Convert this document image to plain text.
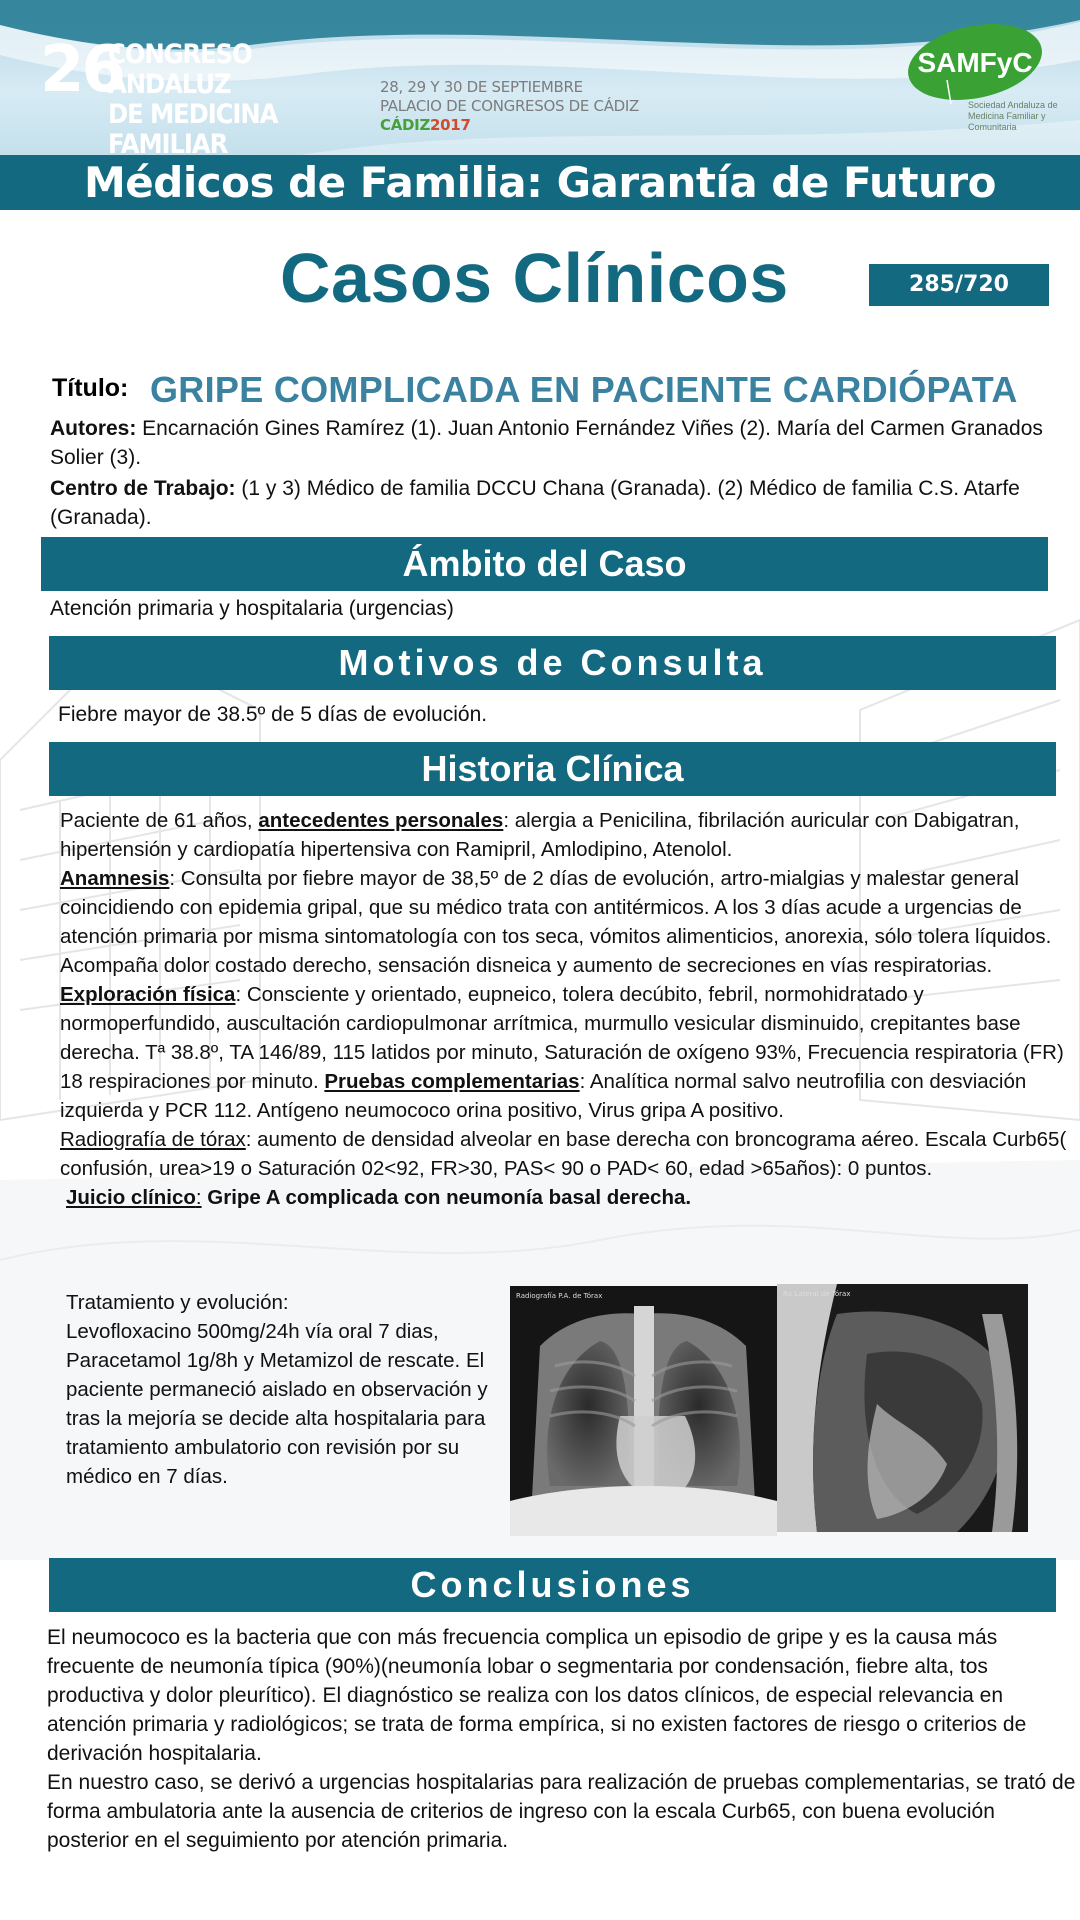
26
CONGRESO ANDALUZ
DE MEDICINA FAMILIAR
28, 29 Y 30 DE SEPTIEMBRE
PALACIO DE CONGRESOS DE CÁDIZ
CÁDIZ2017
SAMFyC
Sociedad Andaluza de Medicina Familiar y Comunitaria
Médicos de Familia: Garantía de Futuro
Casos Clínicos	285/720
Título: GRIPE COMPLICADA EN PACIENTE CARDIÓPATA
Autores: Encarnación Gines Ramírez (1). Juan Antonio Fernández Viñes (2). María del Carmen Granados Solier (3).
Centro de Trabajo: (1 y 3) Médico de familia DCCU Chana (Granada). (2) Médico de familia C.S. Atarfe (Granada).
Ámbito del Caso
Atención primaria y hospitalaria (urgencias)
Motivos de Consulta
Fiebre mayor de 38.5º de 5 días de evolución.
Historia Clínica
Paciente de 61 años, antecedentes personales: alergia a Penicilina, fibrilación auricular con Dabigatran, hipertensión y cardiopatía hipertensiva con Ramipril, Amlodipino, Atenolol.
Anamnesis: Consulta por fiebre mayor de 38,5º de 2 días de evolución, artro-mialgias y malestar general coincidiendo con epidemia gripal, que su médico trata con antitérmicos. A los 3 días acude a urgencias de atención primaria por misma sintomatología con tos seca, vómitos alimenticios, anorexia, sólo tolera líquidos. Acompaña dolor costado derecho, sensación disneica y aumento de secreciones en vías respiratorias. Exploración física: Consciente y orientado, eupneico, tolera decúbito, febril, normohidratado y normoperfundido, auscultación cardiopulmonar arrítmica, murmullo vesicular disminuido, crepitantes base derecha. Tª 38.8º, TA 146/89, 115 latidos por minuto, Saturación de oxígeno 93%, Frecuencia respiratoria (FR) 18 respiraciones por minuto. Pruebas complementarias: Analítica normal salvo neutrofilia con desviación izquierda y PCR 112. Antígeno neumococo orina positivo, Virus gripa A positivo.
Radiografía de tórax: aumento de densidad alveolar en base derecha con broncograma aéreo. Escala Curb65( confusión, urea>19 o Saturación 02<92, FR>30, PAS< 90 o PAD< 60, edad >65años): 0 puntos.
Juicio clínico: Gripe A complicada con neumonía basal derecha.
Tratamiento y evolución:
Levofloxacino 500mg/24h vía oral 7 dias, Paracetamol 1g/8h y Metamizol de rescate. El paciente permaneció aislado en observación y tras la mejoría se decide alta hospitalaria para tratamiento ambulatorio con revisión por su médico en 7 días.
Radiografía P.A. de Tórax	Rx Lateral de Tórax
Conclusiones
El neumococo es la bacteria que con más frecuencia complica un episodio de gripe y es la causa más frecuente de neumonía típica (90%)(neumonía lobar o segmentaria por condensación, fiebre alta, tos productiva y dolor pleurítico). El diagnóstico se realiza con los datos clínicos, de especial relevancia en atención primaria y radiológicos; se trata de forma empírica, si no existen factores de riesgo o criterios de derivación hospitalaria.
En nuestro caso, se derivó a urgencias hospitalarias para realización de pruebas complementarias, se trató de forma ambulatoria ante la ausencia de criterios de ingreso con la escala Curb65, con buena evolución posterior en el seguimiento por atención primaria.
